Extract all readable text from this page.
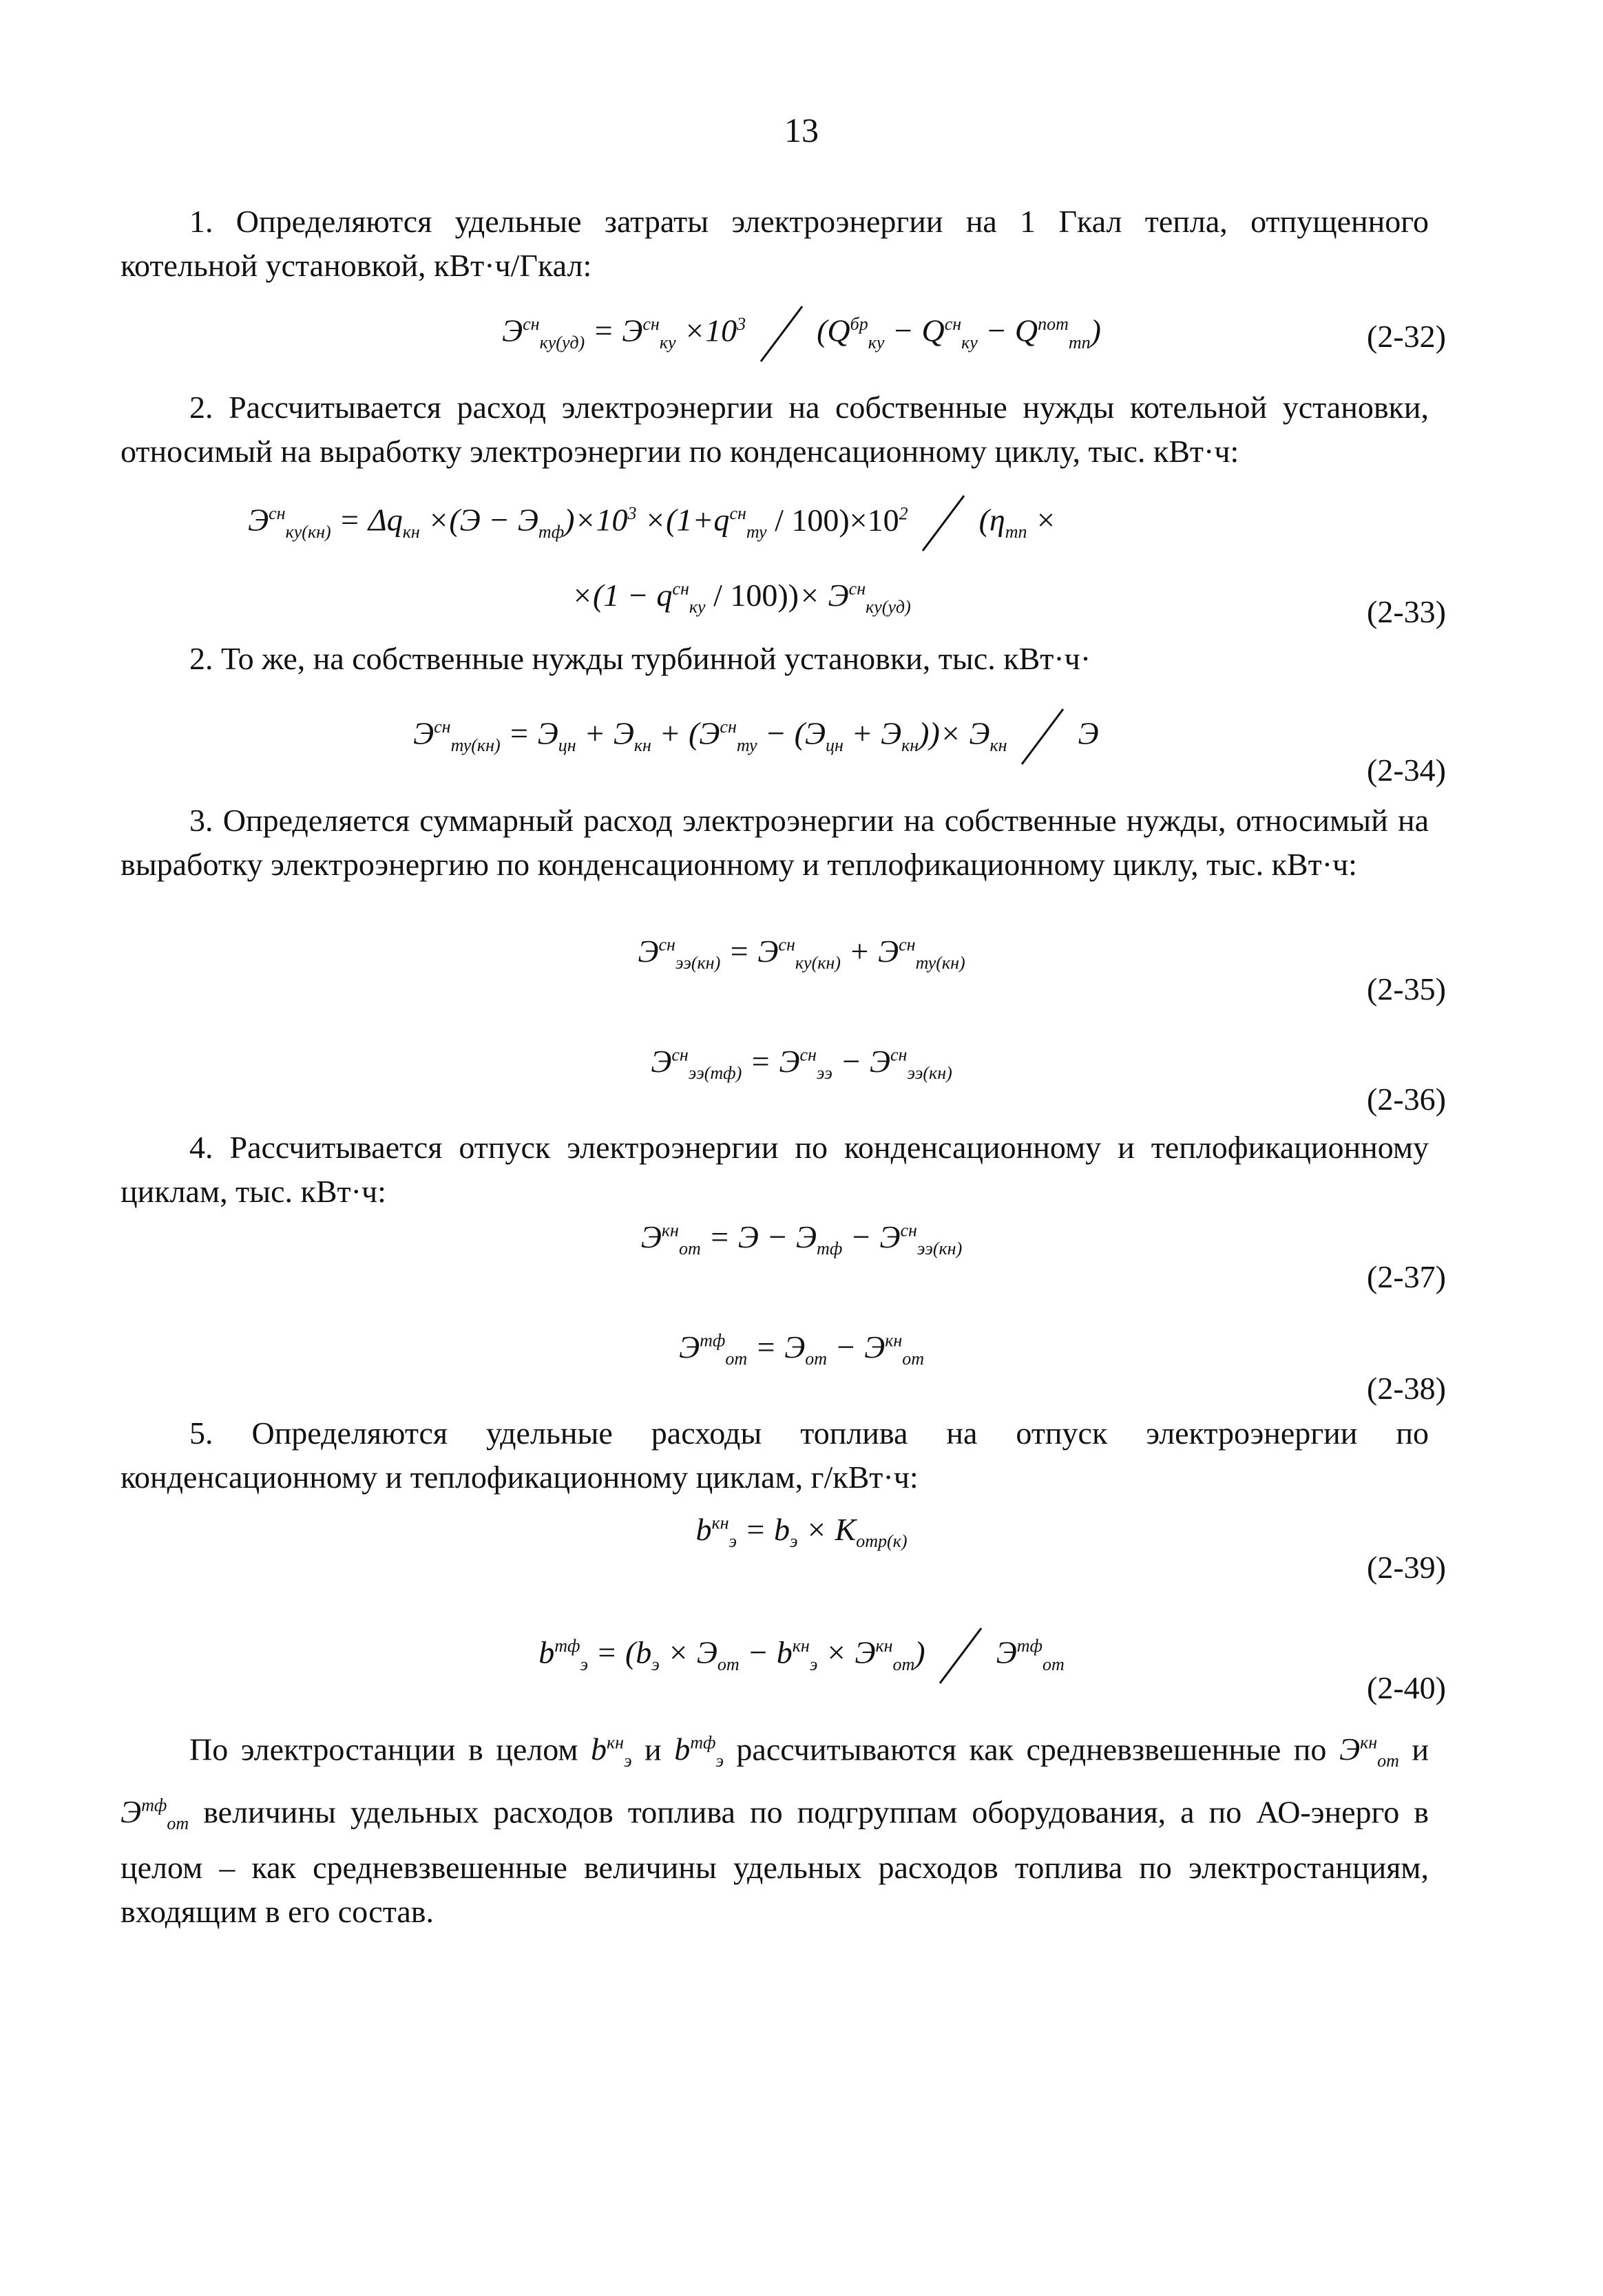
13

1. Определяются удельные затраты электроэнергии на 1 Гкал тепла, отпущенного котельной установкой, кВт·ч/Гкал:

$Э^{сн}_{ку(уд)} = Э^{сн}_{ку} \times 10^3$
$(Q^{бр}_{ку} - Q^{сн}_{ку} - Q^{пот}_{тп})$	(2-32)

2. Рассчитывается расход электроэнергии на собственные нужды котельной установки, относимый на выработку электроэнергии по конденсационному циклу, тыс. кВт·ч:

$Э^{сн}_{ку(кн)} = \Delta q_{кн} \times(Э - Э_{тф})\times 10^3 \times(1+q^{сн}_{ту} / 100)\times 10^2$
($\eta_{тп}$ ×
$\times(1 - q^{сн}_{ку} / 100))\times Э^{сн}_{ку(уд)}$	(2-33)

2. То же, на собственные нужды турбинной установки, тыс. кВт·ч·

$Э^{сн}_{ту(кн)} = Э_{цн} + Э_{кн} + (Э^{сн}_{ту} - (Э_{цн} + Э_{кн}))\times Э_{кн}$
Э
(2-34)

3. Определяется суммарный расход электроэнергии на собственные нужды, относимый на выработку электроэнергию по конденсационному и теплофикационному циклу, тыс. кВт·ч:

$Э^{сн}_{ээ(кн)} = Э^{сн}_{ку(кн)} + Э^{сн}_{ту(кн)}$
(2-35)
$Э^{сн}_{ээ(тф)} = Э^{сн}_{ээ} - Э^{сн}_{ээ(кн)}$
(2-36)

4. Рассчитывается отпуск электроэнергии по конденсационному и теплофикационному циклам, тыс. кВт·ч:

$Э^{кн}_{от} = Э - Э_{тф} - Э^{сн}_{ээ(кн)}$
(2-37)
$Э^{тф}_{от} = Э_{от} - Э^{кн}_{от}$
(2-38)

5. Определяются удельные расходы топлива на отпуск электроэнергии по конденсационному и теплофикационному циклам, г/кВт·ч:

$b^{кн}_э = b_э \times K_{отр(к)}$
(2-39)
$b^{тф}_э = (b_э \times Э_{от} - b^{кн}_э \times Э^{кн}_{от})$
$Э^{тф}_{от}$
(2-40)

По электростанции в целом $b^{кн}_э$ и $b^{тф}_э$ рассчитываются как средневзвешенные по $Э^{кн}_{от}$ и $Э^{тф}_{от}$ величины удельных расходов топлива по подгруппам оборудования, а по АО-энерго в целом – как средневзвешенные величины удельных расходов топлива по электростанциям, входящим в его состав.
